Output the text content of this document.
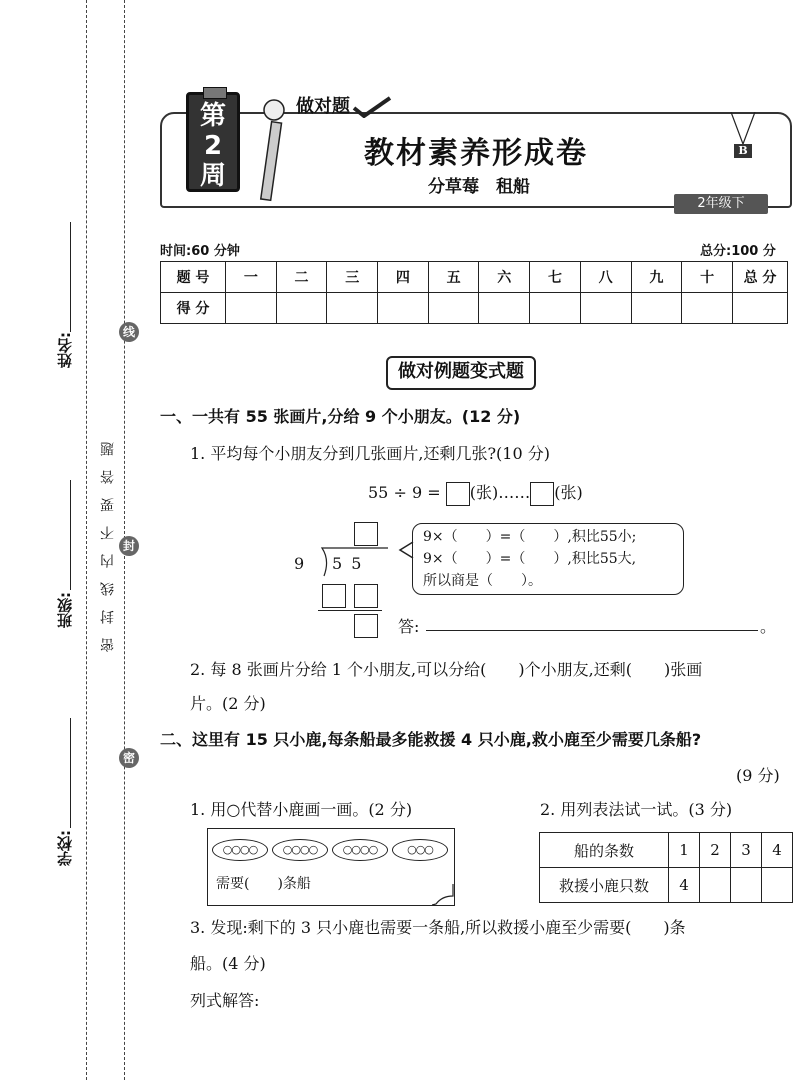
姓名:
班级:
学校:
密封线内不要答题
线
封
密
第2周
做对题
教材素养形成卷
分草莓　租船
B
2年级下
时间:60 分钟	总分:100 分
题 号	一	二	三	四	五	六	七	八	九	十	总 分
得 分											
做对例题变式题
一、一共有 55 张画片,分给 9 个小朋友。(12 分)
1. 平均每个小朋友分到几张画片,还剩几张?(10 分)
55 ÷ 9 = (张)…… (张)
9 5 5
9×（　　）=（　　）,积比55小;
9×（　　）=（　　）,积比55大,
所以商是（　　）。
答:	。
2. 每 8 张画片分给 1 个小朋友,可以分给(　　)个小朋友,还剩(　　)张画
片。(2 分)
二、这里有 15 只小鹿,每条船最多能救援 4 只小鹿,救小鹿至少需要几条船?
(9 分)
1. 用○代替小鹿画一画。(2 分)	2. 用列表法试一试。(3 分)
○○○○	○○○○	○○○○	○○○
需要(　　)条船
船的条数	1	2	3	4
救援小鹿只数	4			
3. 发现:剩下的 3 只小鹿也需要一条船,所以救援小鹿至少需要(　　)条
船。(4 分)
列式解答:
